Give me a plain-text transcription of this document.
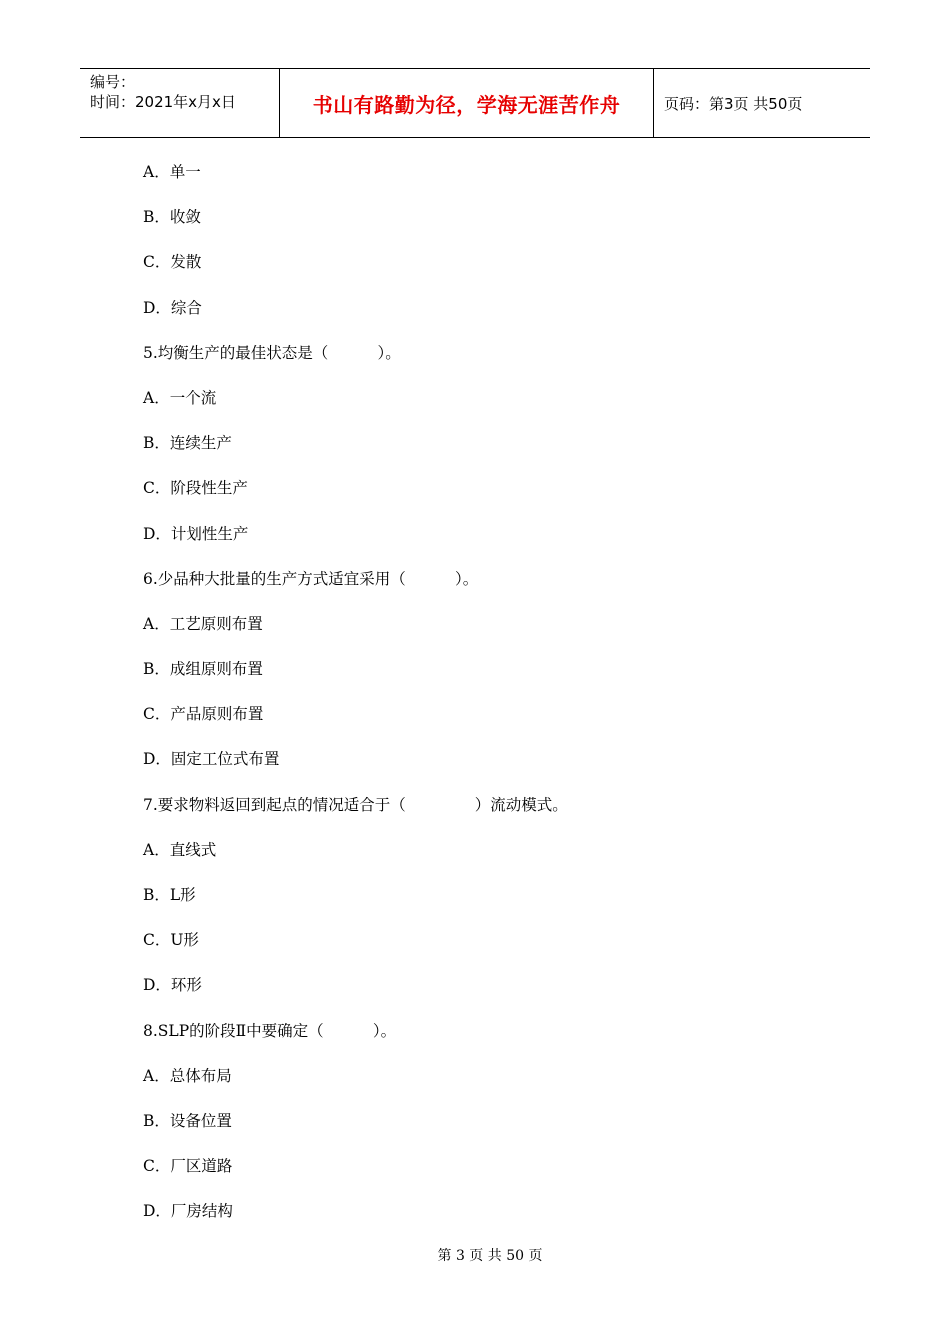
编号：
时间：2021年x月x日	书山有路勤为径，学海无涯苦作舟	页码：第3页 共50页
A．单一
B．收敛
C．发散
D．综合
5.均衡生产的最佳状态是（          ）。
A．一个流
B．连续生产
C．阶段性生产
D．计划性生产
6.少品种大批量的生产方式适宜采用（          ）。
A．工艺原则布置
B．成组原则布置
C．产品原则布置
D．固定工位式布置
7.要求物料返回到起点的情况适合于（              ）流动模式。
A．直线式
B．L形
C．U形
D．环形
8.SLP的阶段Ⅱ中要确定（          ）。
A．总体布局
B．设备位置
C．厂区道路
D．厂房结构
第 3 页 共 50 页
